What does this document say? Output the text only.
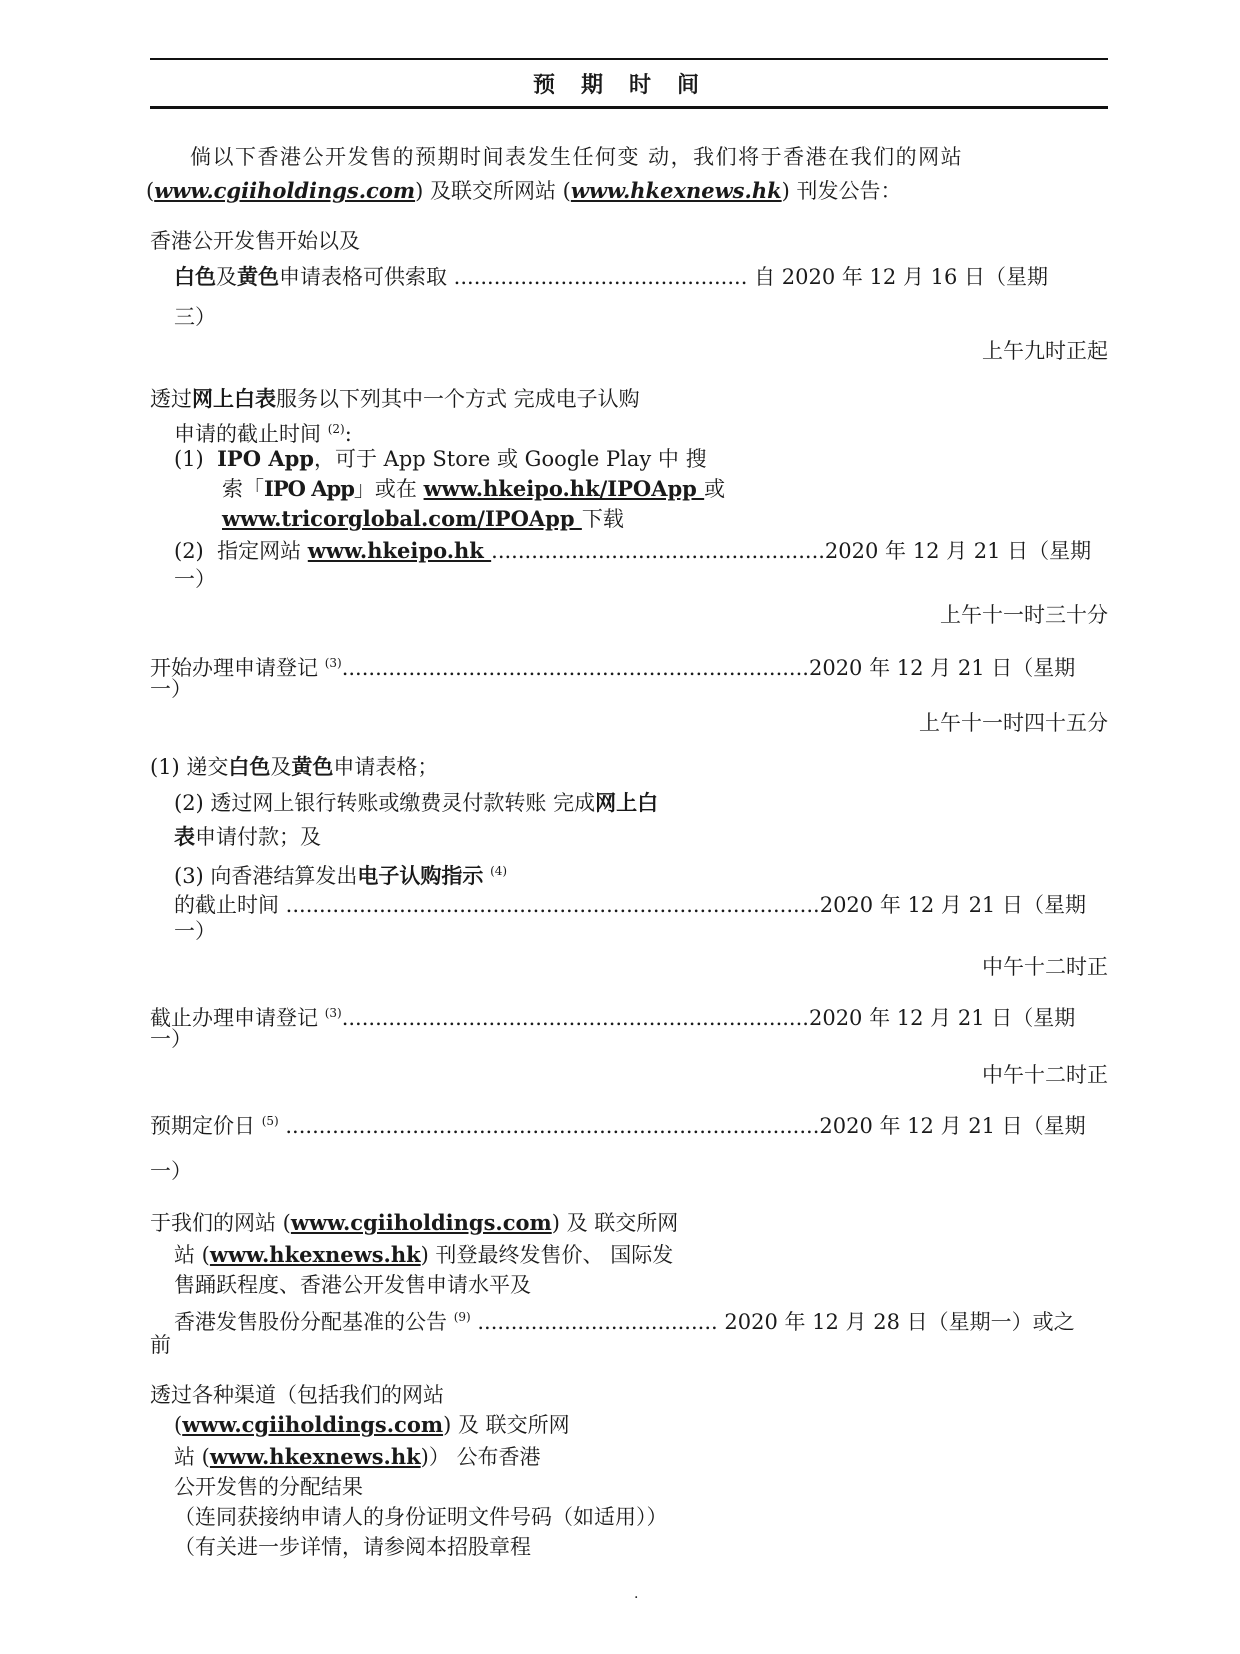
预期时间
倘以下香港公开发售的预期时间表发生任何变 动，我们将于香港在我们的网站
(www.cgiiholdings.com) 及联交所网站 (www.hkexnews.hk) 刊发公告：
香港公开发售开始以及
白色及黄色申请表格可供索取 ............................................ 自 2020 年 12 月 16 日（星期
三）
上午九时正起
透过网上白表服务以下列其中一个方式 完成电子认购
申请的截止时间 $^{(2)}$:
(1) IPO App，可于 App Store 或 Google Play 中 搜
索「IPO App」或在 www.hkeipo.hk/IPOApp 或
www.tricorglobal.com/IPOApp 下载
(2) 指定网站 www.hkeipo.hk ..................................................2020 年 12 月 21 日（星期
一）
上午十一时三十分
开始办理申请登记 $^{(3)}$......................................................................2020 年 12 月 21 日（星期
一）
上午十一时四十五分
(1) 递交白色及黄色申请表格；
(2) 透过网上银行转账或缴费灵付款转账 完成网上白
表申请付款；及
(3) 向香港结算发出电子认购指示 $^{(4)}$
的截止时间 ................................................................................2020 年 12 月 21 日（星期
一）
中午十二时正
截止办理申请登记 $^{(3)}$......................................................................2020 年 12 月 21 日（星期
一）
中午十二时正
预期定价日 $^{(5)}$ ................................................................................2020 年 12 月 21 日（星期
一）
于我们的网站 (www.cgiiholdings.com) 及 联交所网
站 (www.hkexnews.hk) 刊登最终发售价、 国际发
售踊跃程度、香港公开发售申请水平及
香港发售股份分配基准的公告 $^{(9)}$ .................................... 2020 年 12 月 28 日（星期一）或之
前
透过各种渠道（包括我们的网站
(www.cgiiholdings.com) 及 联交所网
站 (www.hkexnews.hk)） 公布香港
公开发售的分配结果
（连同获接纳申请人的身份证明文件号码（如适用））
（有关进一步详情，请参阅本招股章程
·
